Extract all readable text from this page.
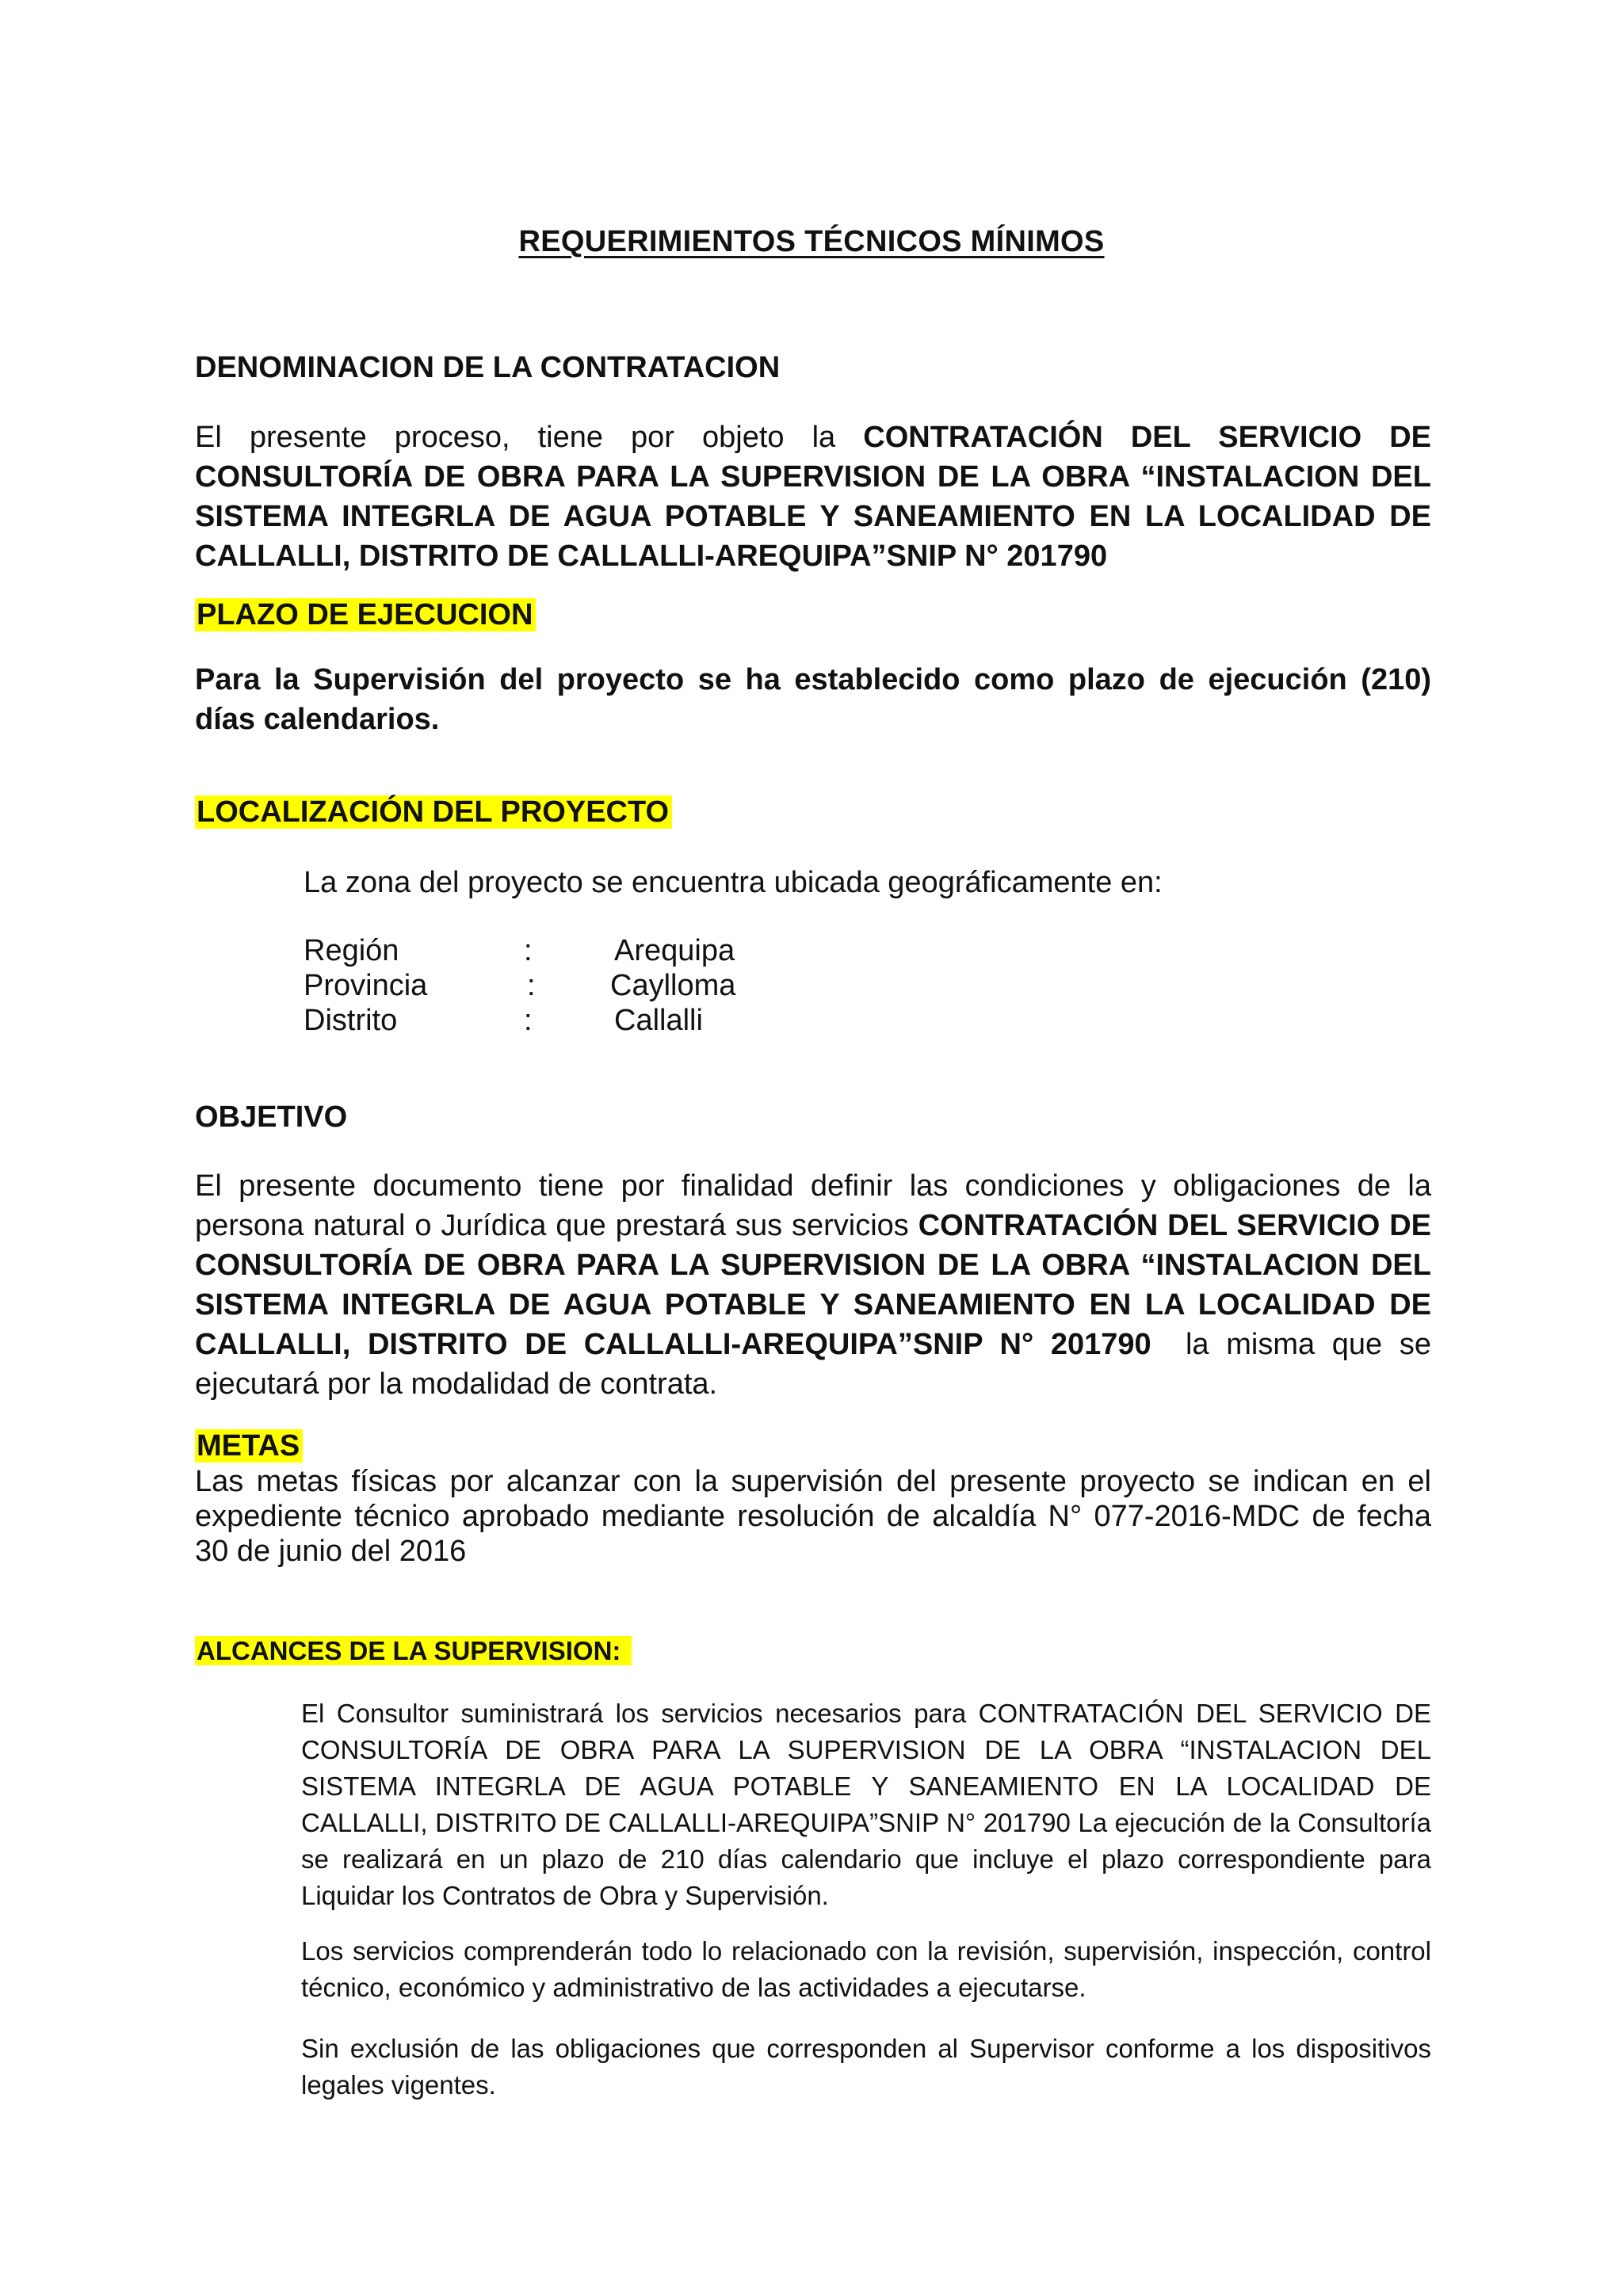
REQUERIMIENTOS TÉCNICOS MÍNIMOS
DENOMINACION DE LA CONTRATACION

El presente proceso, tiene por objeto la CONTRATACIÓN DEL SERVICIO DE CONSULTORÍA DE OBRA PARA LA SUPERVISION DE LA OBRA “INSTALACION DEL SISTEMA INTEGRLA DE AGUA POTABLE Y SANEAMIENTO EN LA LOCALIDAD DE CALLALLI, DISTRITO DE CALLALLI-AREQUIPA”SNIP N° 201790

PLAZO DE EJECUCION

Para la Supervisión del proyecto se ha establecido como plazo de ejecución (210) días calendarios.

LOCALIZACIÓN DEL PROYECTO

La zona del proyecto se encuentra ubicada geográficamente en:

Región	:	Arequipa
Provincia	: Caylloma
Distrito	:	Callalli
OBJETIVO

El presente documento tiene por finalidad definir las condiciones y obligaciones de la persona natural o Jurídica que prestará sus servicios CONTRATACIÓN DEL SERVICIO DE CONSULTORÍA DE OBRA PARA LA SUPERVISION DE LA OBRA “INSTALACION DEL SISTEMA INTEGRLA DE AGUA POTABLE Y SANEAMIENTO EN LA LOCALIDAD DE CALLALLI, DISTRITO DE CALLALLI-AREQUIPA”SNIP N° 201790  la misma que se ejecutará por la modalidad de contrata.

METAS

Las metas físicas por alcanzar con la supervisión del presente proyecto se indican en el expediente técnico aprobado mediante resolución de alcaldía N° 077-2016-MDC de fecha 30 de junio del 2016

ALCANCES DE LA SUPERVISION:

El Consultor suministrará los servicios necesarios para CONTRATACIÓN DEL SERVICIO DE CONSULTORÍA DE OBRA PARA LA SUPERVISION DE LA OBRA “INSTALACION DEL SISTEMA INTEGRLA DE AGUA POTABLE Y SANEAMIENTO EN LA LOCALIDAD DE CALLALLI, DISTRITO DE CALLALLI-AREQUIPA”SNIP N° 201790 La ejecución de la Consultoría se realizará en un plazo de 210 días calendario que incluye el plazo correspondiente para Liquidar los Contratos de Obra y Supervisión.

Los servicios comprenderán todo lo relacionado con la revisión, supervisión, inspección, control técnico, económico y administrativo de las actividades a ejecutarse.

Sin exclusión de las obligaciones que corresponden al Supervisor conforme a los dispositivos legales vigentes.
